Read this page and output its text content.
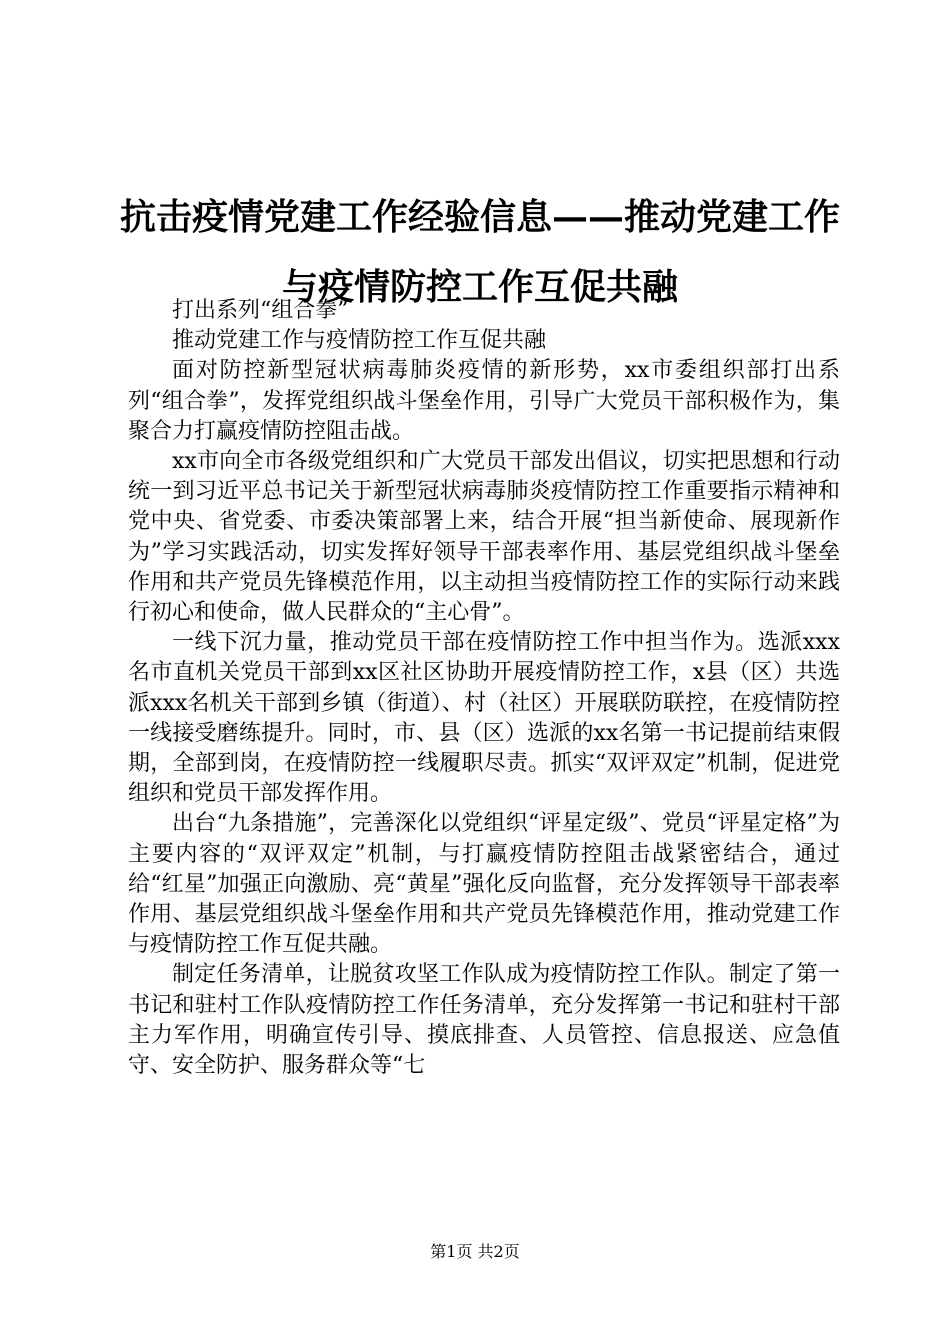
抗击疫情党建工作经验信息——推动党建工作
与疫情防控工作互促共融

打出系列“组合拳”

推动党建工作与疫情防控工作互促共融

面对防控新型冠状病毒肺炎疫情的新形势，xx市委组织部打出系列“组合拳”，发挥党组织战斗堡垒作用，引导广大党员干部积极作为，集聚合力打赢疫情防控阻击战。

xx市向全市各级党组织和广大党员干部发出倡议，切实把思想和行动统一到习近平总书记关于新型冠状病毒肺炎疫情防控工作重要指示精神和党中央、省党委、市委决策部署上来，结合开展“担当新使命、展现新作为”学习实践活动，切实发挥好领导干部表率作用、基层党组织战斗堡垒作用和共产党员先锋模范作用，以主动担当疫情防控工作的实际行动来践行初心和使命，做人民群众的“主心骨”。

一线下沉力量，推动党员干部在疫情防控工作中担当作为。选派xxx名市直机关党员干部到xx区社区协助开展疫情防控工作，x县（区）共选派xxx名机关干部到乡镇（街道）、村（社区）开展联防联控，在疫情防控一线接受磨练提升。同时，市、县（区）选派的xx名第一书记提前结束假期，全部到岗，在疫情防控一线履职尽责。抓实“双评双定”机制，促进党组织和党员干部发挥作用。

出台“九条措施”，完善深化以党组织“评星定级”、党员“评星定格”为主要内容的“双评双定”机制，与打赢疫情防控阻击战紧密结合，通过给“红星”加强正向激励、亮“黄星”强化反向监督，充分发挥领导干部表率作用、基层党组织战斗堡垒作用和共产党员先锋模范作用，推动党建工作与疫情防控工作互促共融。

制定任务清单，让脱贫攻坚工作队成为疫情防控工作队。制定了第一书记和驻村工作队疫情防控工作任务清单，充分发挥第一书记和驻村干部主力军作用，明确宣传引导、摸底排查、人员管控、信息报送、应急值守、安全防护、服务群众等“七

第1页 共2页
